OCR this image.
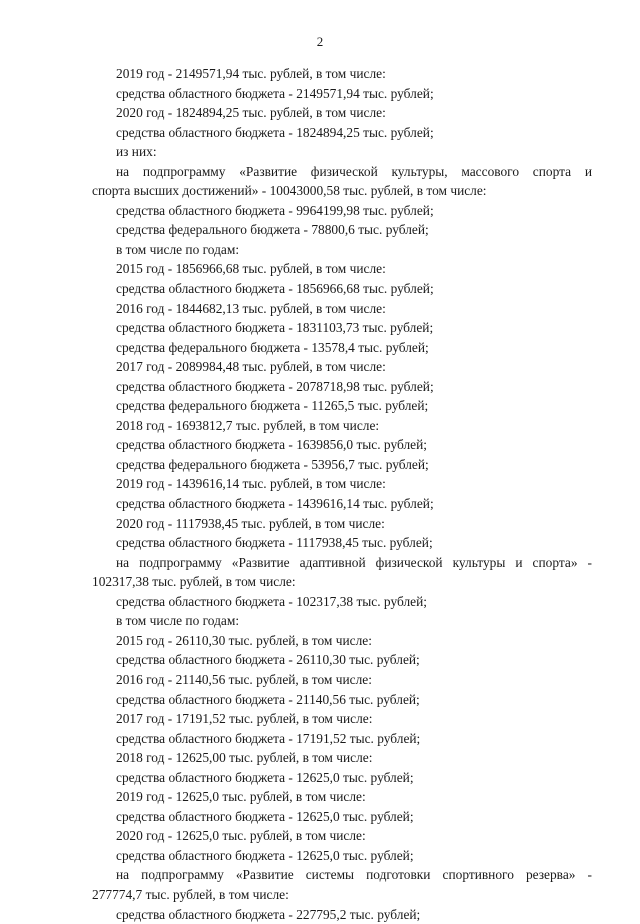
2
2019 год - 2149571,94 тыс. рублей, в том числе:
средства областного бюджета - 2149571,94 тыс. рублей;
2020 год - 1824894,25 тыс. рублей, в том числе:
средства областного бюджета - 1824894,25 тыс. рублей;
из них:
на подпрограмму «Развитие физической культуры, массового спорта и
спорта высших достижений» - 10043000,58 тыс. рублей, в том числе:
средства областного бюджета - 9964199,98 тыс. рублей;
средства федерального бюджета - 78800,6 тыс. рублей;
в том числе по годам:
2015 год - 1856966,68 тыс. рублей, в том числе:
средства областного бюджета - 1856966,68 тыс. рублей;
2016 год - 1844682,13 тыс. рублей, в том числе:
средства областного бюджета - 1831103,73 тыс. рублей;
средства федерального бюджета - 13578,4 тыс. рублей;
2017 год - 2089984,48 тыс. рублей, в том числе:
средства областного бюджета - 2078718,98 тыс. рублей;
средства федерального бюджета - 11265,5 тыс. рублей;
2018 год - 1693812,7 тыс. рублей, в том числе:
средства областного бюджета - 1639856,0 тыс. рублей;
средства федерального бюджета - 53956,7 тыс. рублей;
2019 год - 1439616,14 тыс. рублей, в том числе:
средства областного бюджета - 1439616,14 тыс. рублей;
2020 год - 1117938,45 тыс. рублей, в том числе:
средства областного бюджета - 1117938,45 тыс. рублей;
на подпрограмму «Развитие адаптивной физической культуры и спорта» -
102317,38 тыс. рублей, в том числе:
средства областного бюджета - 102317,38 тыс. рублей;
в том числе по годам:
2015 год - 26110,30 тыс. рублей, в том числе:
средства областного бюджета - 26110,30 тыс. рублей;
2016 год - 21140,56 тыс. рублей, в том числе:
средства областного бюджета - 21140,56 тыс. рублей;
2017 год - 17191,52 тыс. рублей, в том числе:
средства областного бюджета - 17191,52 тыс. рублей;
2018 год - 12625,00 тыс. рублей, в том числе:
средства областного бюджета - 12625,0 тыс. рублей;
2019 год - 12625,0 тыс. рублей, в том числе:
средства областного бюджета - 12625,0 тыс. рублей;
2020 год - 12625,0 тыс. рублей, в том числе:
средства областного бюджета - 12625,0 тыс. рублей;
на подпрограмму «Развитие системы подготовки спортивного резерва» -
277774,7 тыс. рублей, в том числе:
средства областного бюджета - 227795,2 тыс. рублей;
